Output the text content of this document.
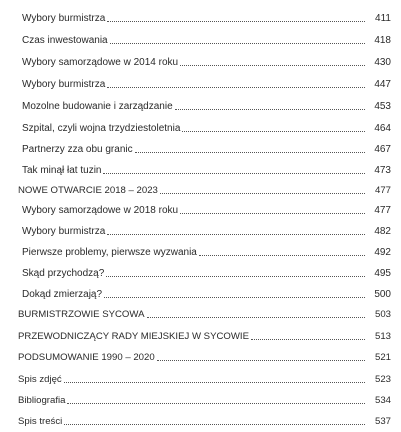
Wybory burmistrza	411
Czas inwestowania	418
Wybory samorządowe w 2014 roku	430
Wybory burmistrza	447
Mozolne budowanie i zarządzanie	453
Szpital, czyli wojna trzydziestoletnia	464
Partnerzy zza obu granic	467
Tak minął łat tuzin	473
NOWE OTWARCIE 2018 – 2023	477
Wybory samorządowe w 2018 roku	477
Wybory burmistrza	482
Pierwsze problemy, pierwsze wyzwania	492
Skąd przychodzą?	495
Dokąd zmierzają?	500
BURMISTRZOWIE SYCOWA	503
PRZEWODNICZĄCY RADY MIEJSKIEJ W SYCOWIE	513
PODSUMOWANIE 1990 – 2020	521
Spis zdjęć	523
Bibliografia	534
Spis treści	537
